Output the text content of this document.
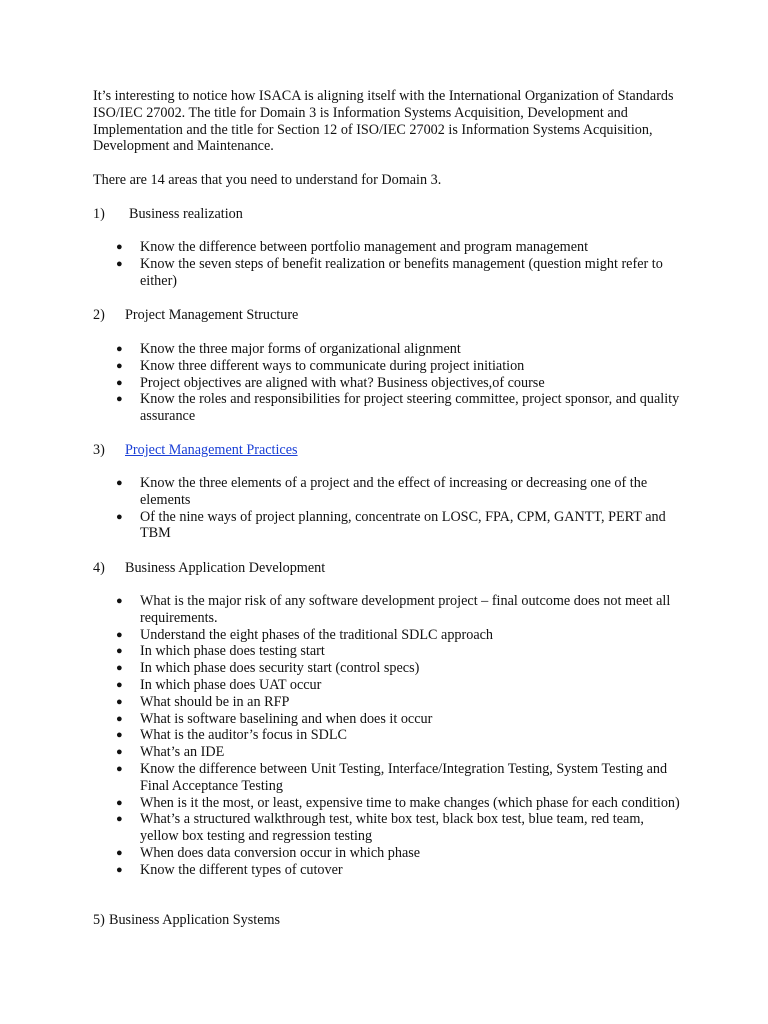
It’s interesting to notice how ISACA is aligning itself with the International Organization of Standards ISO/IEC 27002. The title for Domain 3 is Information Systems Acquisition, Development and Implementation and the title for Section 12 of ISO/IEC 27002 is Information Systems Acquisition, Development and Maintenance.

There are 14 areas that you need to understand for Domain 3.

1) Business realization
● Know the difference between portfolio management and program management
● Know the seven steps of benefit realization or benefits management (question might refer to either)
2) Project Management Structure
● Know the three major forms of organizational alignment
● Know three different ways to communicate during project initiation
● Project objectives are aligned with what? Business objectives,of course
● Know the roles and responsibilities for project steering committee, project sponsor, and quality assurance
3) Project Management Practices
● Know the three elements of a project and the effect of increasing or decreasing one of the elements
● Of the nine ways of project planning, concentrate on LOSC, FPA, CPM, GANTT, PERT and TBM
4) Business Application Development
● What is the major risk of any software development project – final outcome does not meet all requirements.
● Understand the eight phases of the traditional SDLC approach
● In which phase does testing start
● In which phase does security start (control specs)
● In which phase does UAT occur
● What should be in an RFP
● What is software baselining and when does it occur
● What is the auditor’s focus in SDLC
● What’s an IDE
● Know the difference between Unit Testing, Interface/Integration Testing, System Testing and Final Acceptance Testing
● When is it the most, or least, expensive time to make changes (which phase for each condition)
● What’s a structured walkthrough test, white box test, black box test, blue team, red team, yellow box testing and regression testing
● When does data conversion occur in which phase
● Know the different types of cutover
5) Business Application Systems
